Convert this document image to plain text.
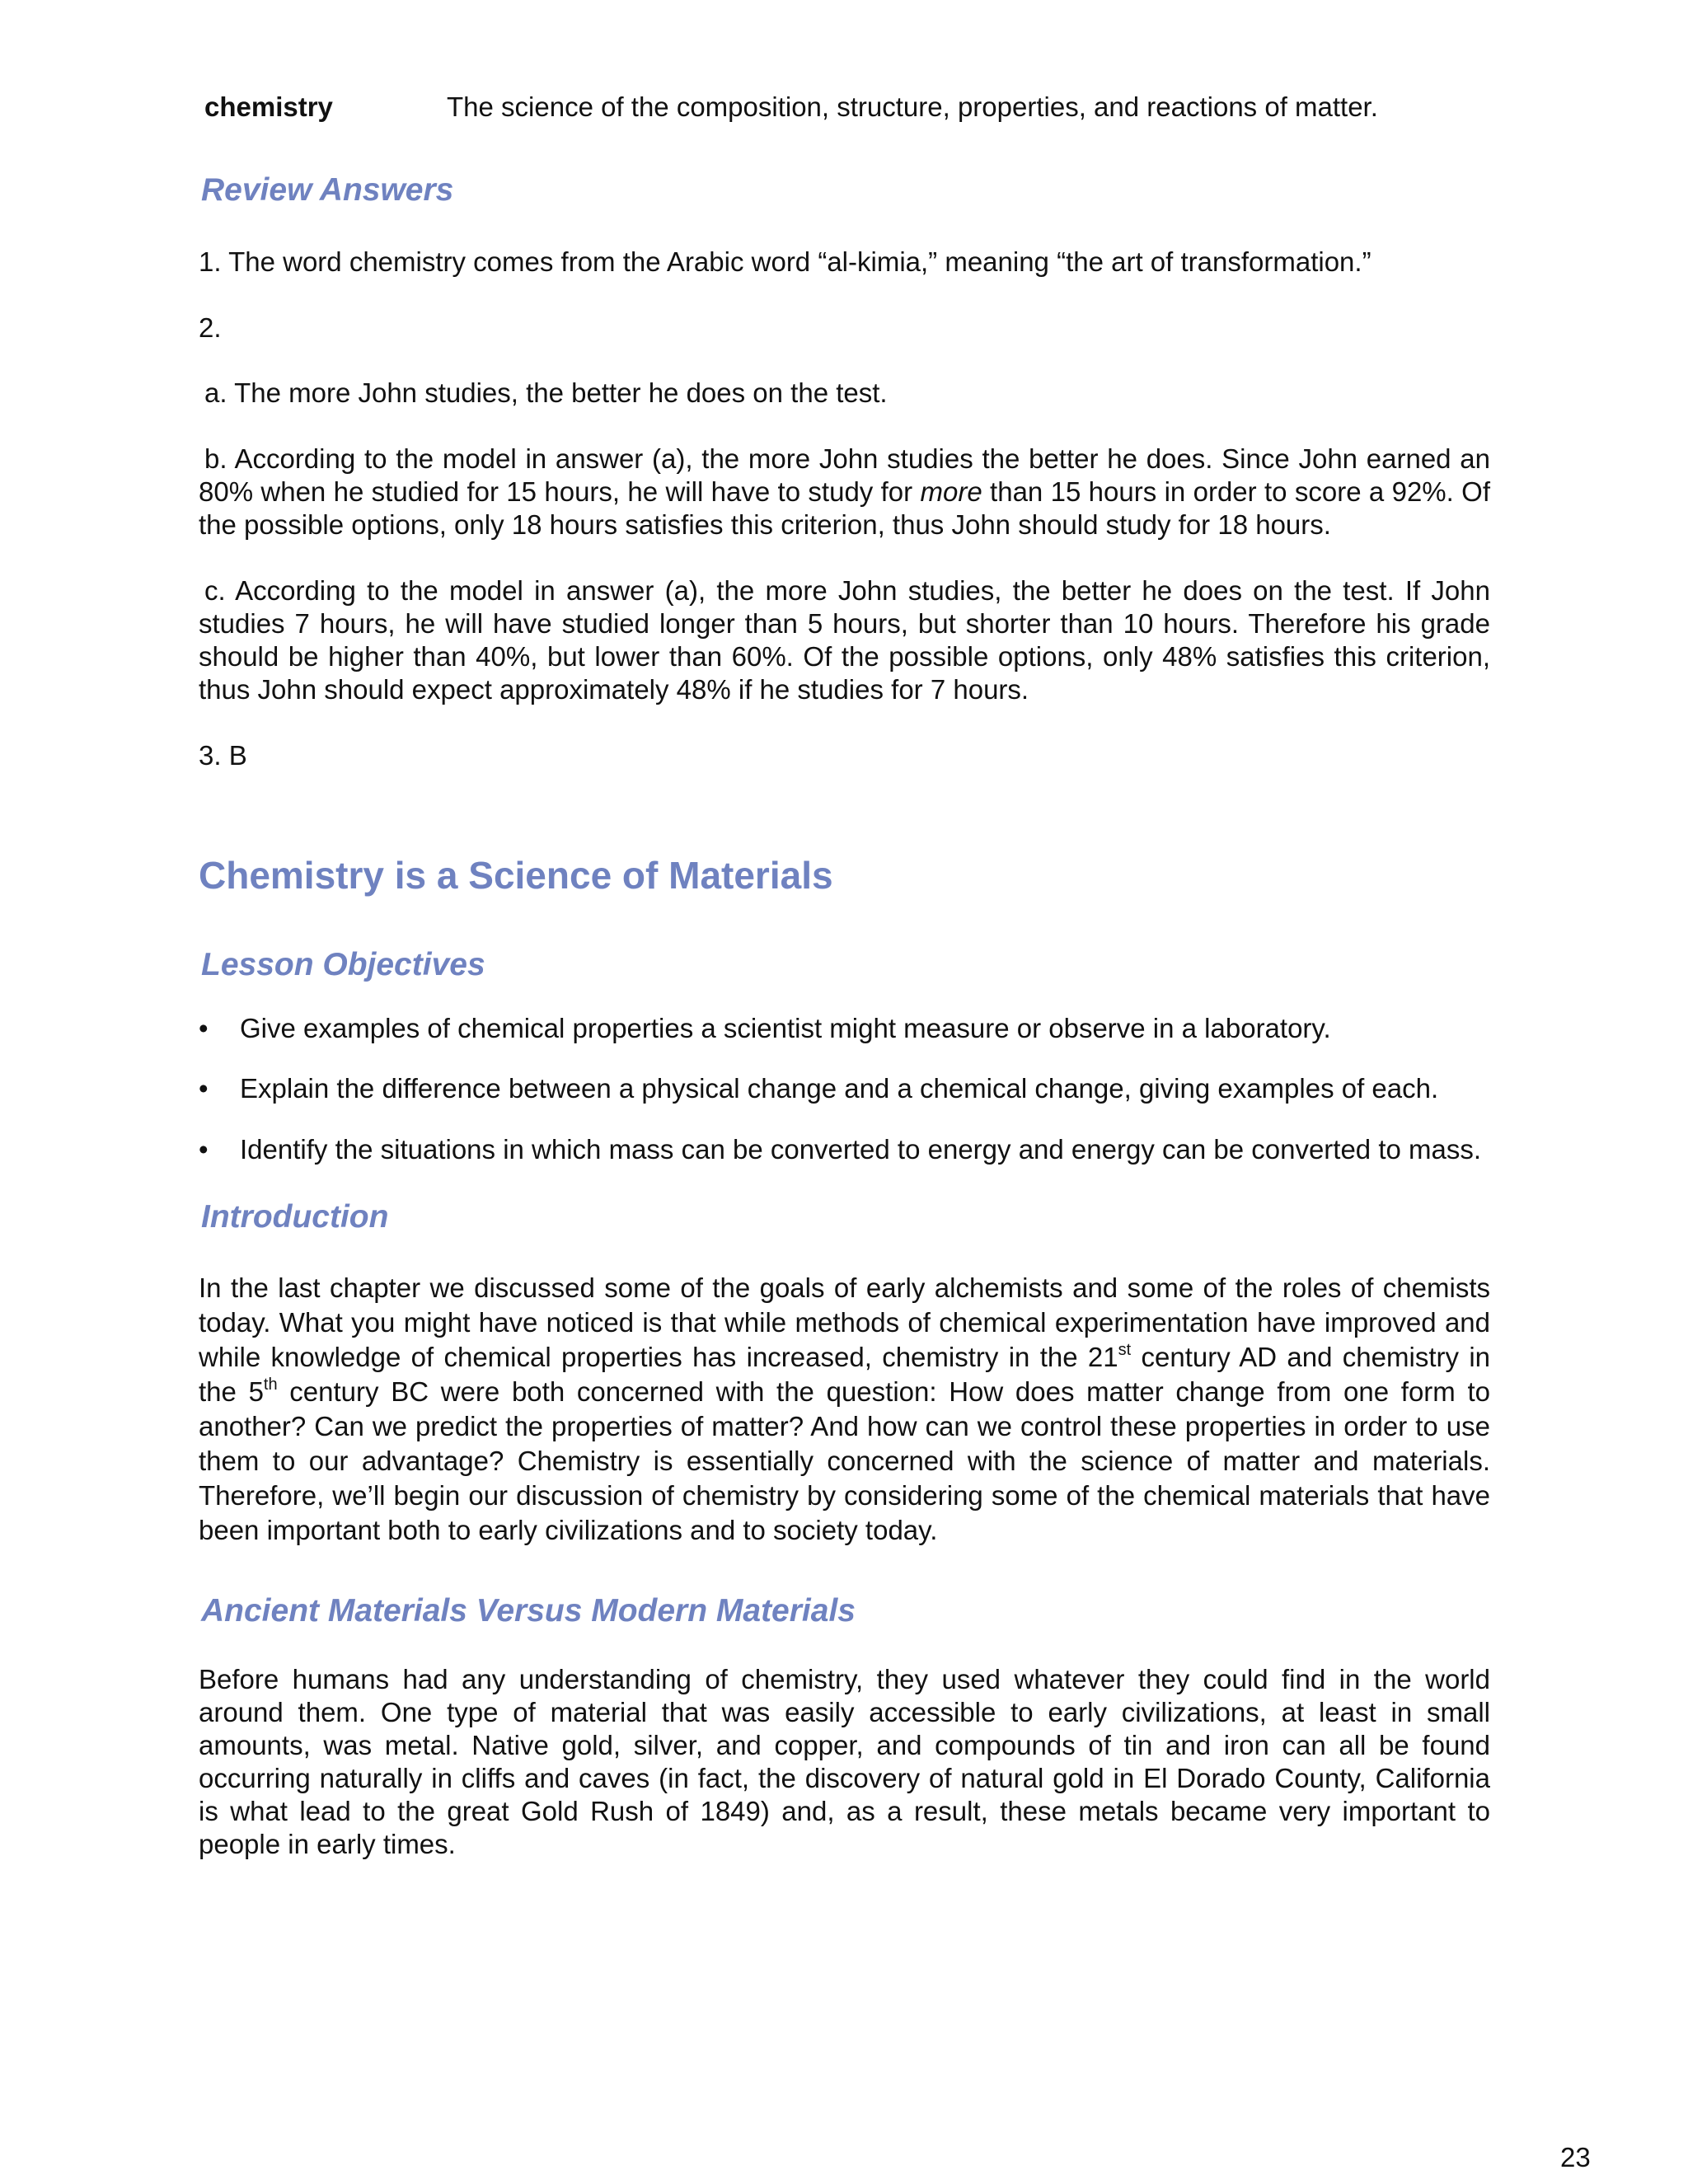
chemistry	The science of the composition, structure, properties, and reactions of matter.
Review Answers

1. The word chemistry comes from the Arabic word “al-kimia,” meaning “the art of transformation.”

2.

a. The more John studies, the better he does on the test.

b. According to the model in answer (a), the more John studies the better he does. Since John earned an 80% when he studied for 15 hours, he will have to study for more than 15 hours in order to score a 92%. Of the possible options, only 18 hours satisfies this criterion, thus John should study for 18 hours.

c. According to the model in answer (a), the more John studies, the better he does on the test. If John studies 7 hours, he will have studied longer than 5 hours, but shorter than 10 hours. Therefore his grade should be higher than 40%, but lower than 60%. Of the possible options, only 48% satisfies this criterion, thus John should expect approximately 48% if he studies for 7 hours.

3. B

Chemistry is a Science of Materials
Lesson Objectives
• Give examples of chemical properties a scientist might measure or observe in a laboratory.
• Explain the difference between a physical change and a chemical change, giving examples of each.
• Identify the situations in which mass can be converted to energy and energy can be converted to mass.
Introduction

In the last chapter we discussed some of the goals of early alchemists and some of the roles of chemists today. What you might have noticed is that while methods of chemical experimentation have improved and while knowledge of chemical properties has increased, chemistry in the 21st century AD and chemistry in the 5th century BC were both concerned with the question: How does matter change from one form to another? Can we predict the properties of matter? And how can we control these properties in order to use them to our advantage? Chemistry is essentially concerned with the science of matter and materials. Therefore, we’ll begin our discussion of chemistry by considering some of the chemical materials that have been important both to early civilizations and to society today.

Ancient Materials Versus Modern Materials

Before humans had any understanding of chemistry, they used whatever they could find in the world around them. One type of material that was easily accessible to early civilizations, at least in small amounts, was metal. Native gold, silver, and copper, and compounds of tin and iron can all be found occurring naturally in cliffs and caves (in fact, the discovery of natural gold in El Dorado County, California is what lead to the great Gold Rush of 1849) and, as a result, these metals became very important to people in early times.

23
